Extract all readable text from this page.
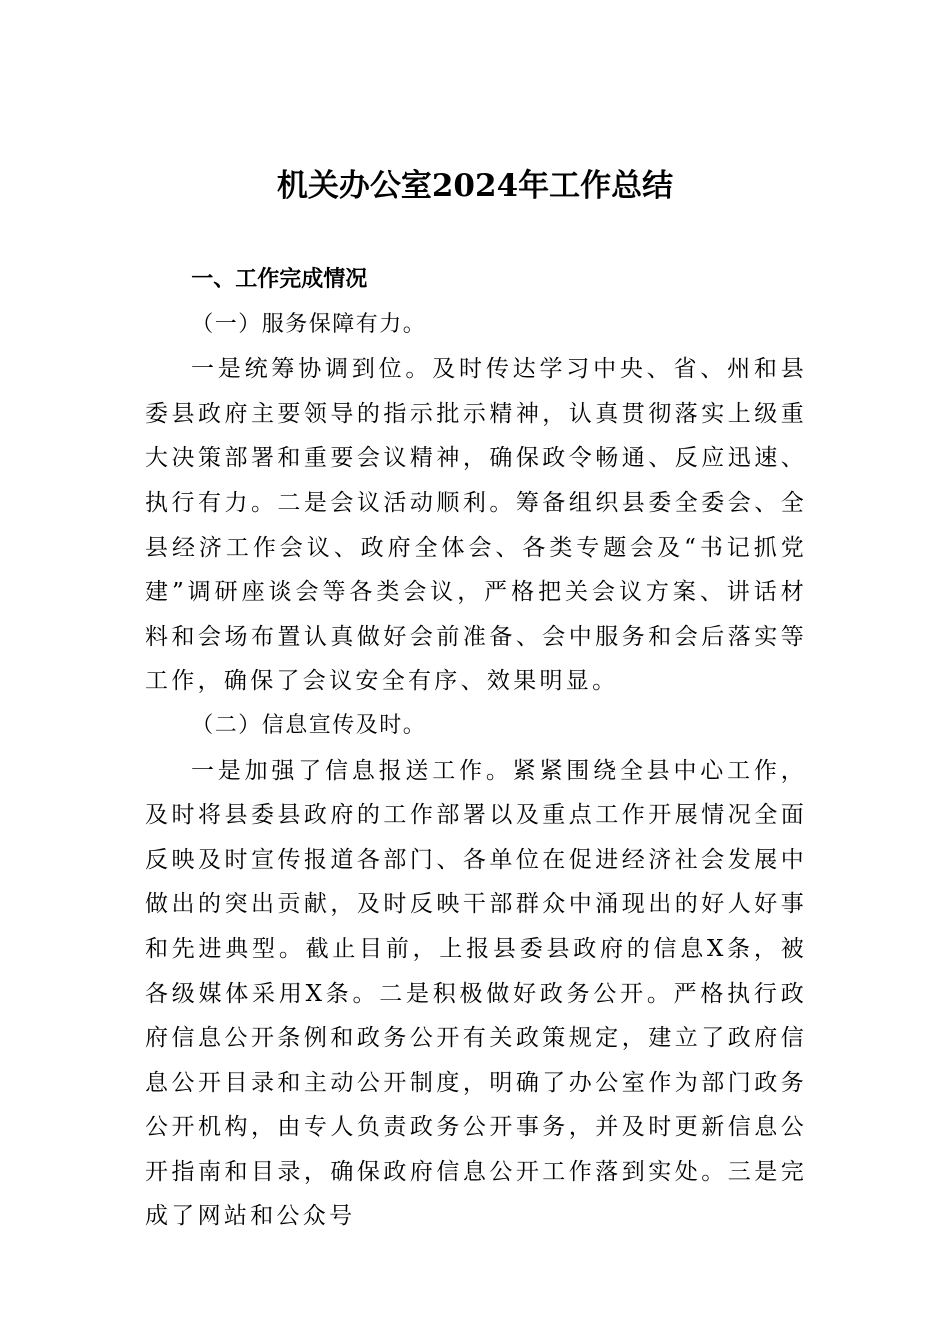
机关办公室2024年工作总结

一、工作完成情况

（一）服务保障有力。

一是统筹协调到位。及时传达学习中央、省、州和县委县政府主要领导的指示批示精神，认真贯彻落实上级重大决策部署和重要会议精神，确保政令畅通、反应迅速、执行有力。二是会议活动顺利。筹备组织县委全委会、全县经济工作会议、政府全体会、各类专题会及“书记抓党建”调研座谈会等各类会议，严格把关会议方案、讲话材料和会场布置认真做好会前准备、会中服务和会后落实等工作，确保了会议安全有序、效果明显。

（二）信息宣传及时。

一是加强了信息报送工作。紧紧围绕全县中心工作，及时将县委县政府的工作部署以及重点工作开展情况全面反映及时宣传报道各部门、各单位在促进经济社会发展中做出的突出贡献，及时反映干部群众中涌现出的好人好事和先进典型。截止目前，上报县委县政府的信息X条，被各级媒体采用X条。二是积极做好政务公开。严格执行政府信息公开条例和政务公开有关政策规定，建立了政府信息公开目录和主动公开制度，明确了办公室作为部门政务公开机构，由专人负责政务公开事务，并及时更新信息公开指南和目录，确保政府信息公开工作落到实处。三是完成了网站和公众号
